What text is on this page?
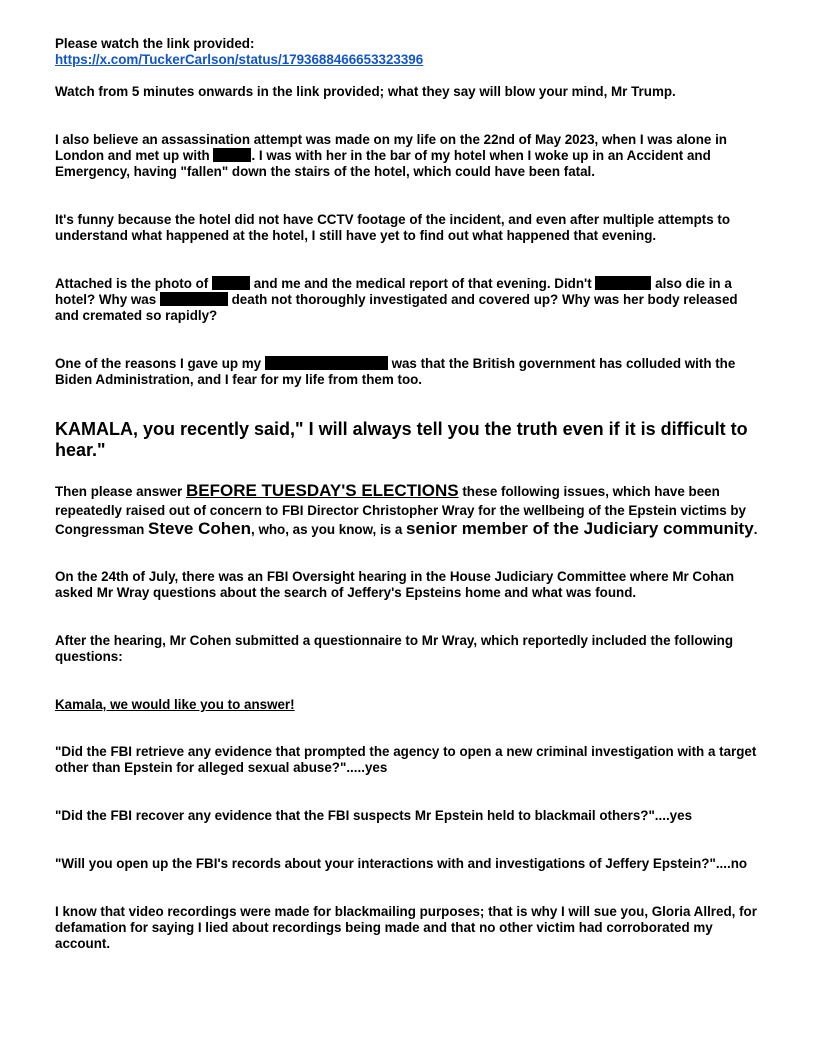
Please watch the link provided:
https://x.com/TuckerCarlson/status/1793688466653323396

Watch from 5 minutes onwards in the link provided; what they say will blow your mind, Mr Trump.

I also believe an assassination attempt was made on my life on the 22nd of May 2023, when I was alone in London and met up with	. I was with her in the bar of my hotel when I woke up in an Accident and Emergency, having "fallen" down the stairs of the hotel, which could have been fatal.

It's funny because the hotel did not have CCTV footage of the incident, and even after multiple attempts to understand what happened at the hotel, I still have yet to find out what happened that evening.

Attached is the photo of	and me and the medical report of that evening. Didn't	also die in a hotel? Why was	death not thoroughly investigated and covered up? Why was her body released and cremated so rapidly?

One of the reasons I gave up my	was that the British government has colluded with the Biden Administration, and I fear for my life from them too.

KAMALA, you recently said," I will always tell you the truth even if it is difficult to hear."

Then please answer BEFORE TUESDAY'S ELECTIONS these following issues, which have been repeatedly raised out of concern to FBI Director Christopher Wray for the wellbeing of the Epstein victims by Congressman Steve Cohen, who, as you know, is a senior member of the Judiciary community.

On the 24th of July, there was an FBI Oversight hearing in the House Judiciary Committee where Mr Cohan asked Mr Wray questions about the search of Jeffery's Epsteins home and what was found.

After the hearing, Mr Cohen submitted a questionnaire to Mr Wray, which reportedly included the following questions:

Kamala, we would like you to answer!

"Did the FBI retrieve any evidence that prompted the agency to open a new criminal investigation with a target other than Epstein for alleged sexual abuse?".....yes

"Did the FBI recover any evidence that the FBI suspects Mr Epstein held to blackmail others?"....yes

"Will you open up the FBI's records about your interactions with and investigations of Jeffery Epstein?"....no

I know that video recordings were made for blackmailing purposes; that is why I will sue you, Gloria Allred, for defamation for saying I lied about recordings being made and that no other victim had corroborated my account.
